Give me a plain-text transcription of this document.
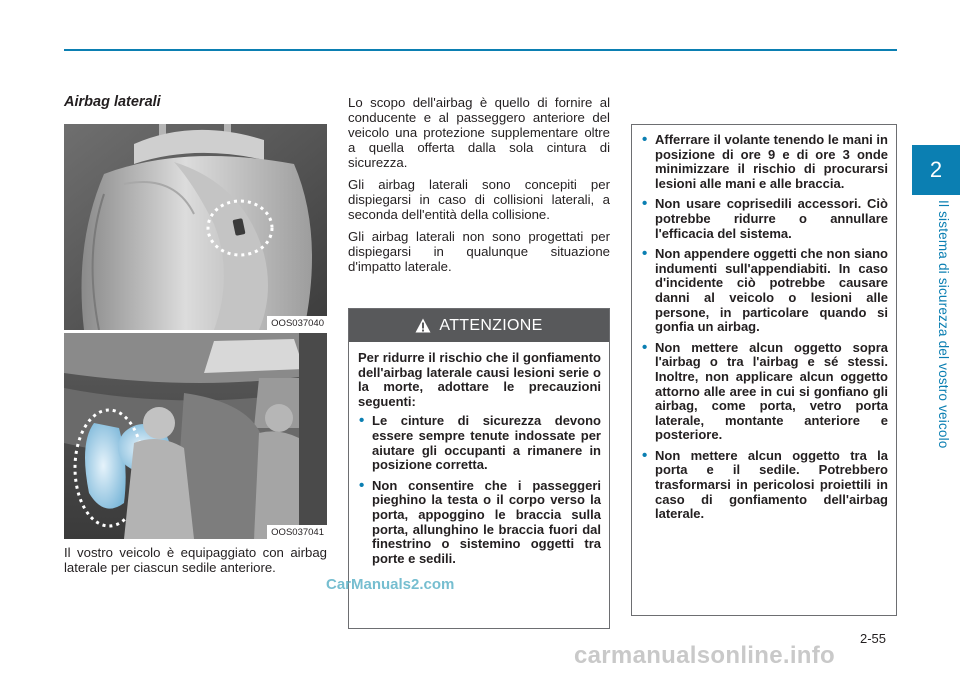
Airbag laterali
OOS037040
OOS037041

Il vostro veicolo è equipaggiato con airbag laterale per ciascun sedile anteriore.

Lo scopo dell'airbag è quello di fornire al conducente e al passeggero anteriore del veicolo una protezione supplementare oltre a quella offerta dalla sola cintura di sicurezza.

Gli airbag laterali sono concepiti per dispiegarsi in caso di collisioni laterali, a seconda dell'entità della collisione.

Gli airbag laterali non sono progettati per dispiegarsi in qualunque situazione d'impatto laterale.

ATTENZIONE

Per ridurre il rischio che il gonfiamento dell'airbag laterale causi lesioni serie o la morte, adottare le precauzioni seguenti:

• Le cinture di sicurezza devono essere sempre tenute indossate per aiutare gli occupanti a rimanere in posizione corretta.
• Non consentire che i passeggeri pieghino la testa o il corpo verso la porta, appoggino le braccia sulla porta, allunghino le braccia fuori dal finestrino o sistemino oggetti tra porte e sedili.
• Afferrare il volante tenendo le mani in posizione di ore 9 e di ore 3 onde minimizzare il rischio di procurarsi lesioni alle mani e alle braccia.
• Non usare coprisedili accessori. Ciò potrebbe ridurre o annullare l'efficacia del sistema.
• Non appendere oggetti che non siano indumenti sull'appendiabiti. In caso d'incidente ciò potrebbe causare danni al veicolo o lesioni alle persone, in particolare quando si gonfia un airbag.
• Non mettere alcun oggetto sopra l'airbag o tra l'airbag e sé stessi. Inoltre, non applicare alcun oggetto attorno alle aree in cui si gonfiano gli airbag, come porta, vetro porta laterale, montante anteriore e posteriore.
• Non mettere alcun oggetto tra la porta e il sedile. Potrebbero trasformarsi in pericolosi proiettili in caso di gonfiamento dell'airbag laterale.
2
Il sistema di sicurezza del vostro veicolo
2-55
CarManuals2.com
carmanualsonline.info
